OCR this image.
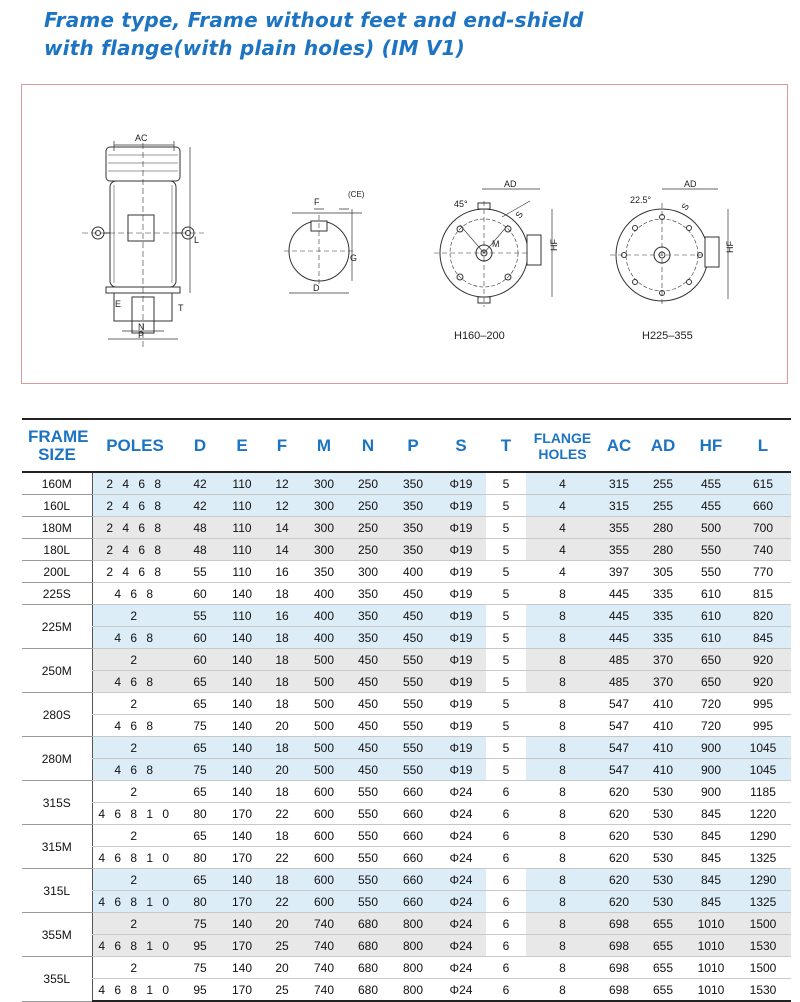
Frame type, Frame without feet and end-shield
with flange(with plain holes) (IM V1)
AC
L
E	T
N
P
F
(CE)
G
D
AD
45°
S
M	HF
H160–200
AD
22.5°
S
HF
H225–355
FRAME SIZE	POLES	D	E	F	M	N	P	S	T	FLANGE HOLES	AC	AD	HF	L
160M	2 4 6 8	42	110	12	300	250	350	Φ19	5	4	315	255	455	615
160L	2 4 6 8	42	110	12	300	250	350	Φ19	5	4	315	255	455	660
180M	2 4 6 8	48	110	14	300	250	350	Φ19	5	4	355	280	500	700
180L	2 4 6 8	48	110	14	300	250	350	Φ19	5	4	355	280	550	740
200L	2 4 6 8	55	110	16	350	300	400	Φ19	5	4	397	305	550	770
225S	4 6 8	60	140	18	400	350	450	Φ19	5	8	445	335	610	815
225M	2	55	110	16	400	350	450	Φ19	5	8	445	335	610	820
	4 6 8	60	140	18	400	350	450	Φ19	5	8	445	335	610	845
250M	2	60	140	18	500	450	550	Φ19	5	8	485	370	650	920
	4 6 8	65	140	18	500	450	550	Φ19	5	8	485	370	650	920
280S	2	65	140	18	500	450	550	Φ19	5	8	547	410	720	995
	4 6 8	75	140	20	500	450	550	Φ19	5	8	547	410	720	995
280M	2	65	140	18	500	450	550	Φ19	5	8	547	410	900	1045
	4 6 8	75	140	20	500	450	550	Φ19	5	8	547	410	900	1045
315S	2	65	140	18	600	550	660	Φ24	6	8	620	530	900	1185
	4 6 8 1 0	80	170	22	600	550	660	Φ24	6	8	620	530	845	1220
315M	2	65	140	18	600	550	660	Φ24	6	8	620	530	845	1290
	4 6 8 1 0	80	170	22	600	550	660	Φ24	6	8	620	530	845	1325
315L	2	65	140	18	600	550	660	Φ24	6	8	620	530	845	1290
	4 6 8 1 0	80	170	22	600	550	660	Φ24	6	8	620	530	845	1325
355M	2	75	140	20	740	680	800	Φ24	6	8	698	655	1010	1500
	4 6 8 1 0	95	170	25	740	680	800	Φ24	6	8	698	655	1010	1530
355L	2	75	140	20	740	680	800	Φ24	6	8	698	655	1010	1500
	4 6 8 1 0	95	170	25	740	680	800	Φ24	6	8	698	655	1010	1530
